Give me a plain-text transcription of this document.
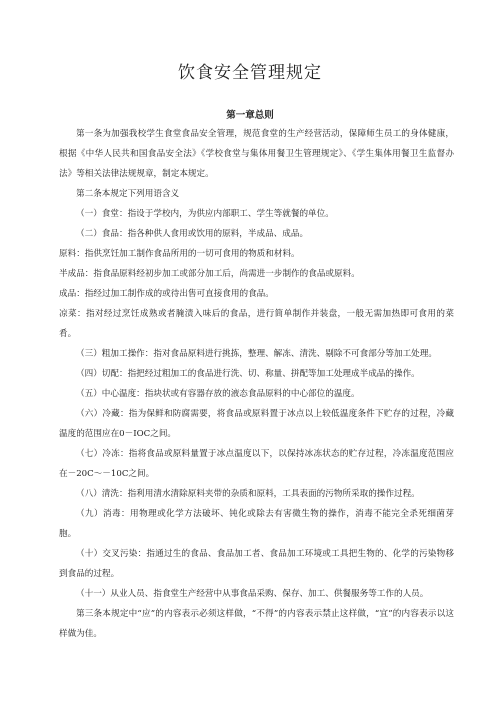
饮食安全管理规定
第一章总则

第一条为加强我校学生食堂食品安全管理，规范食堂的生产经营活动，保障师生员工的身体健康，根据《中华人民共和国食品安全法》《学校食堂与集体用餐卫生管理规定》、《学生集体用餐卫生监督办法》等相关法律法规规章，制定本规定。

第二条本规定下列用语含义

（一）食堂：指设于学校内，为供应内部职工、学生等就餐的单位。

（二）食品：指各种供人食用或饮用的原料，半成品、成品。

原料：指供烹饪加工制作食品所用的一切可食用的物质和材料。

半成品：指食品原料经初步加工或部分加工后，尚需进一步制作的食品或原料。

成品：指经过加工制作成的或待出售可直接食用的食品。

凉菜：指对经过烹饪成熟或者腌渍入味后的食品，进行简单制作并装盘，一般无需加热即可食用的菜肴。

（三）粗加工操作：指对食品原料进行挑拣，整理、解冻、清洗、剔除不可食部分等加工处理。

（四）切配：指把经过粗加工的食品进行洗、切、称量、拼配等加工处理成半成品的操作。

（五）中心温度：指块状或有容器存放的液态食品原料的中心部位的温度。

（六）冷藏：指为保鲜和防腐需要，将食品或原料置于冰点以上较低温度条件下贮存的过程，冷藏温度的范围应在0－IOC之间。

（七）冷冻：指将食品或原料量置于冰点温度以下，以保持冰冻状态的贮存过程，冷冻温度范围应在－20C〜－10C之间。

（八）清洗：指利用清水清除原料夹带的杂质和原料，工具表面的污物所采取的操作过程。

（九）消毒：用物理或化学方法破坏、钝化或除去有害微生物的操作，消毒不能完全杀死细菌芽胞。

（十）交叉污染：指通过生的食品、食品加工者、食品加工环境或工具把生物的、化学的污染物移到食品的过程。

（十一）从业人员、指食堂生产经营中从事食品采购、保存、加工、供餐服务等工作的人员。

第三条本规定中“应”的内容表示必须这样做，“不得”的内容表示禁止这样做，“宜”的内容表示以这样做为佳。
